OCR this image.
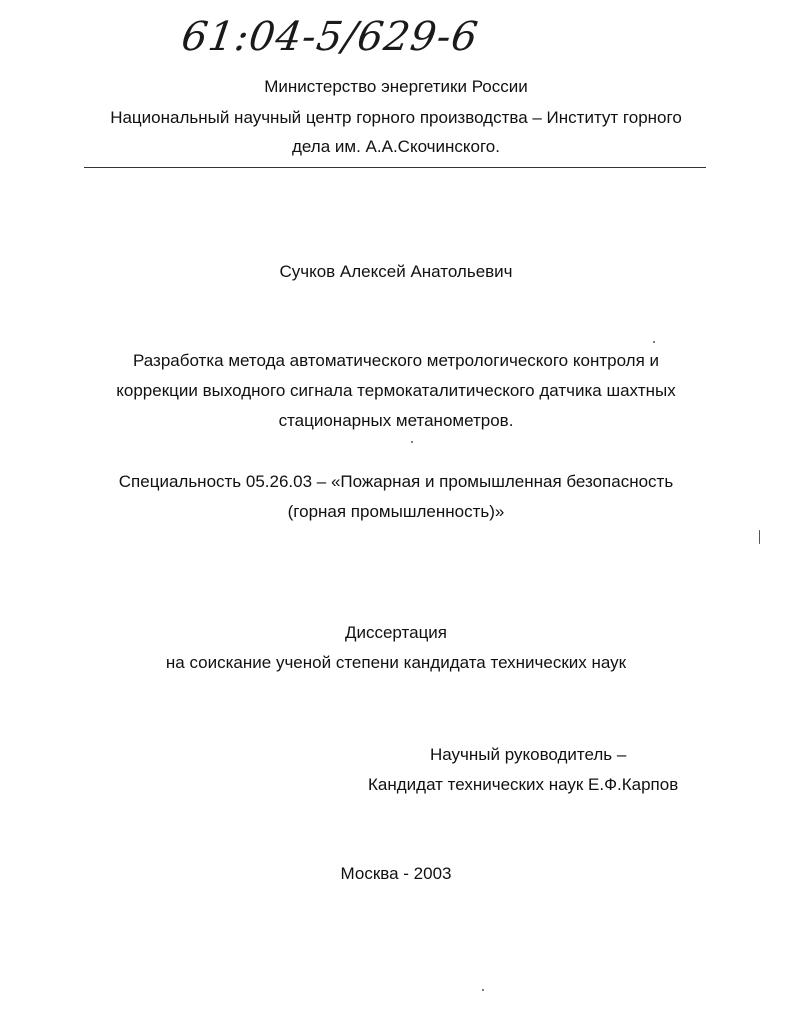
61:04-5/629-6
Министерство энергетики России
Национальный научный центр горного производства – Институт горного
дела им. А.А.Скочинского.
Сучков Алексей Анатольевич
Разработка метода автоматического метрологического контроля и
коррекции выходного сигнала термокаталитического датчика шахтных
стационарных метанометров.
Специальность 05.26.03 – «Пожарная и промышленная безопасность
(горная промышленность)»
Диссертация
на соискание ученой степени кандидата технических наук
Научный руководитель –
Кандидат технических наук Е.Ф.Карпов
Москва - 2003
